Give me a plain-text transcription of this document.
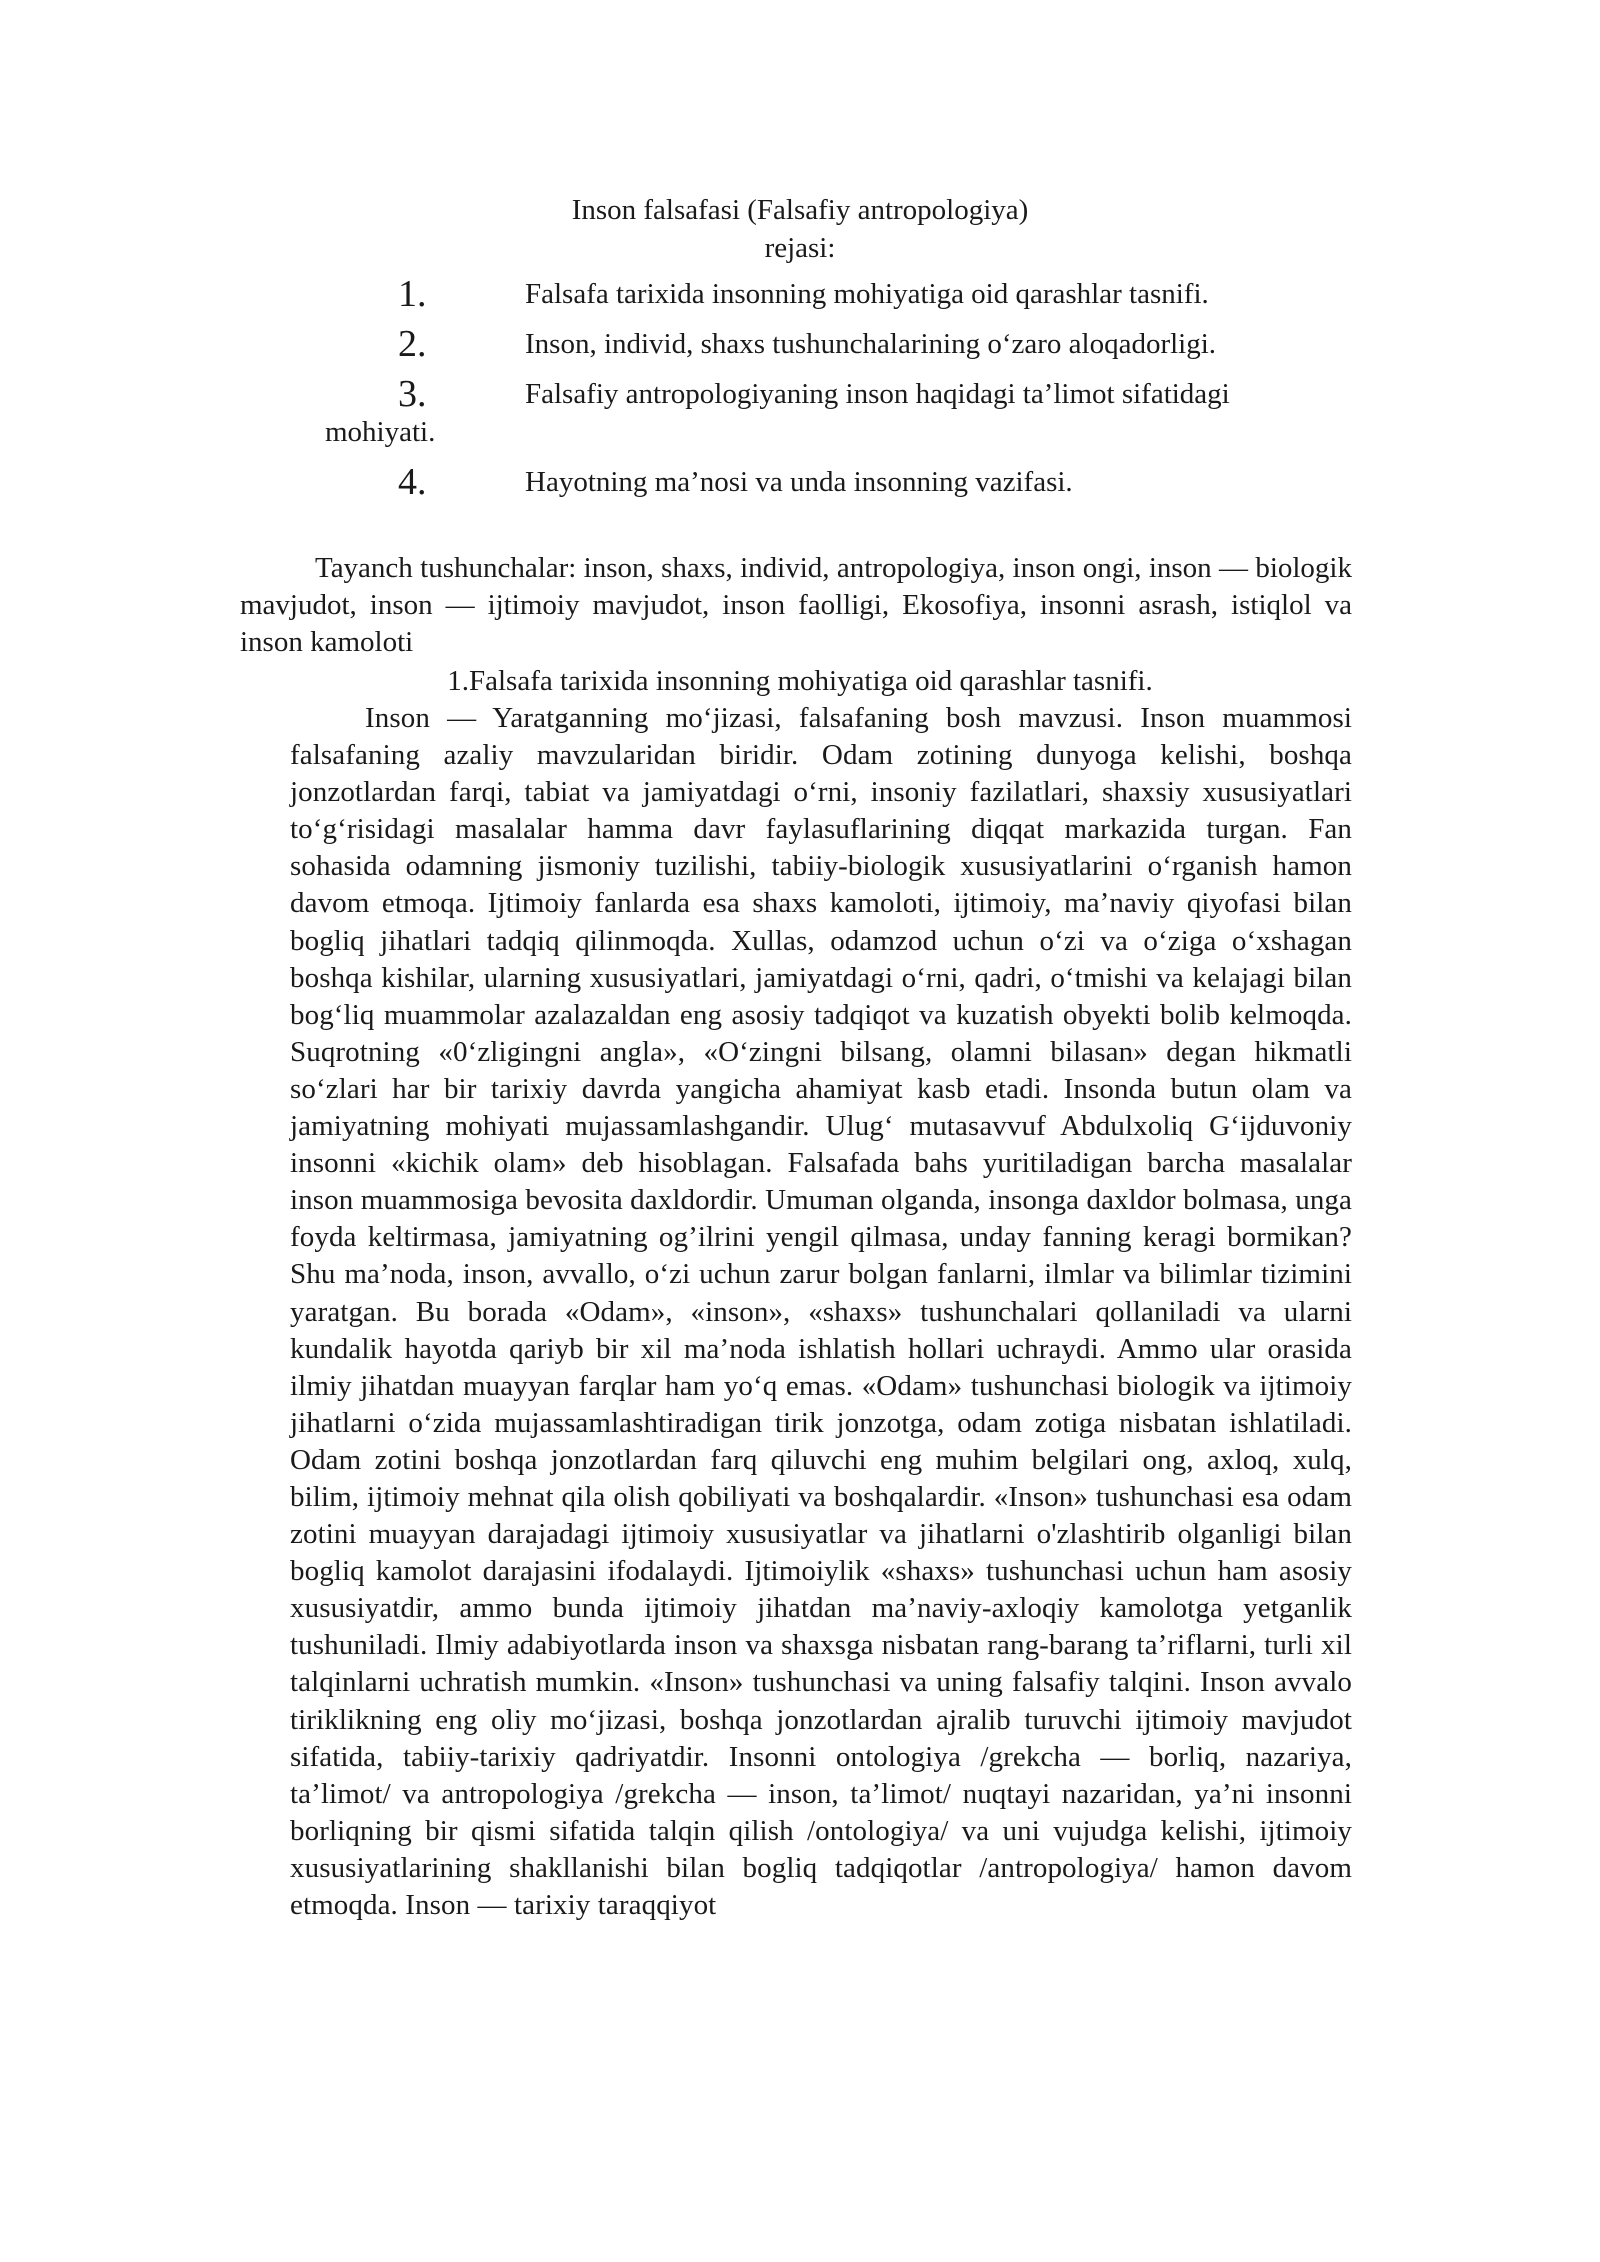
Inson falsafasi (Falsafiy antropologiya)
rejasi:
1.	Falsafa tarixida insonning mohiyatiga oid qarashlar tasnifi.
2.	Inson, individ, shaxs tushunchalarining o‘zaro aloqadorligi.
3.	Falsafiy antropologiyaning inson haqidagi ta’limot sifatidagi
mohiyati.
4.	Hayotning ma’nosi va unda insonning vazifasi.

Tayanch tushunchalar: inson, shaxs, individ, antropologiya, inson ongi, inson — biologik mavjudot, inson — ijtimoiy mavjudot, inson faolligi, Ekosofiya, insonni asrash, istiqlol va inson kamoloti

1.Falsafa tarixida insonning mohiyatiga oid qarashlar tasnifi.

Inson — Yaratganning mo‘jizasi, falsafaning bosh mavzusi. Inson muammosi falsafaning azaliy mavzularidan biridir. Odam zotining dunyoga kelishi, boshqa jonzotlardan farqi, tabiat va jamiyatdagi o‘rni, insoniy fazilatlari, shaxsiy xususiyatlari to‘g‘risidagi masalalar hamma davr faylasuflarining diqqat markazida turgan. Fan sohasida odamning jismoniy tuzilishi, tabiiy-biologik xususiyatlarini o‘rganish hamon davom etmoqa. Ijtimoiy fanlarda esa shaxs kamoloti, ijtimoiy, ma’naviy qiyofasi bilan bogliq jihatlari tadqiq qilinmoqda. Xullas, odamzod uchun o‘zi va o‘ziga o‘xshagan boshqa kishilar, ularning xususiyatlari, jamiyatdagi o‘rni, qadri, o‘tmishi va kelajagi bilan bog‘liq muammolar azalazaldan eng asosiy tadqiqot va kuzatish obyekti bolib kelmoqda. Suqrotning «0‘zligingni angla», «O‘zingni bilsang, olamni bilasan» degan hikmatli so‘zlari har bir tarixiy davrda yangicha ahamiyat kasb etadi. Insonda butun olam va jamiyatning mohiyati mujassamlashgandir. Ulug‘ mutasavvuf Abdulxoliq G‘ijduvoniy insonni «kichik olam» deb hisoblagan. Falsafada bahs yuritiladigan barcha masalalar inson muammosiga bevosita daxldordir. Umuman olganda, insonga daxldor bolmasa, unga foyda keltirmasa, jamiyatning og’ilrini yengil qilmasa, unday fanning keragi bormikan? Shu ma’noda, inson, avvallo, o‘zi uchun zarur bolgan fanlarni, ilmlar va bilimlar tizimini yaratgan. Bu borada «Odam», «inson», «shaxs» tushunchalari qollaniladi va ularni kundalik hayotda qariyb bir xil ma’noda ishlatish hollari uchraydi. Ammo ular orasida ilmiy jihatdan muayyan farqlar ham yo‘q emas. «Odam» tushunchasi biologik va ijtimoiy jihatlarni o‘zida mujassamlashtiradigan tirik jonzotga, odam zotiga nisbatan ishlatiladi. Odam zotini boshqa jonzotlardan farq qiluvchi eng muhim belgilari ong, axloq, xulq, bilim, ijtimoiy mehnat qila olish qobiliyati va boshqalardir. «Inson» tushunchasi esa odam zotini muayyan darajadagi ijtimoiy xususiyatlar va jihatlarni o'zlashtirib olganligi bilan bogliq kamolot darajasini ifodalaydi. Ijtimoiylik «shaxs» tushunchasi uchun ham asosiy xususiyatdir, ammo bunda ijtimoiy jihatdan ma’naviy-axloqiy kamolotga yetganlik tushuniladi. Ilmiy adabiyotlarda inson va shaxsga nisbatan rang-barang ta’riflarni, turli xil talqinlarni uchratish mumkin. «Inson» tushunchasi va uning falsafiy talqini. Inson avvalo tiriklikning eng oliy mo‘jizasi, boshqa jonzotlardan ajralib turuvchi ijtimoiy mavjudot sifatida, tabiiy-tarixiy qadriyatdir. Insonni ontologiya /grekcha — borliq, nazariya, ta’limot/ va antropologiya /grekcha — inson, ta’limot/ nuqtayi nazaridan, ya’ni insonni borliqning bir qismi sifatida talqin qilish /ontologiya/ va uni vujudga kelishi, ijtimoiy xususiyatlarining shakllanishi bilan bogliq tadqiqotlar /antropologiya/ hamon davom etmoqda. Inson — tarixiy taraqqiyot
